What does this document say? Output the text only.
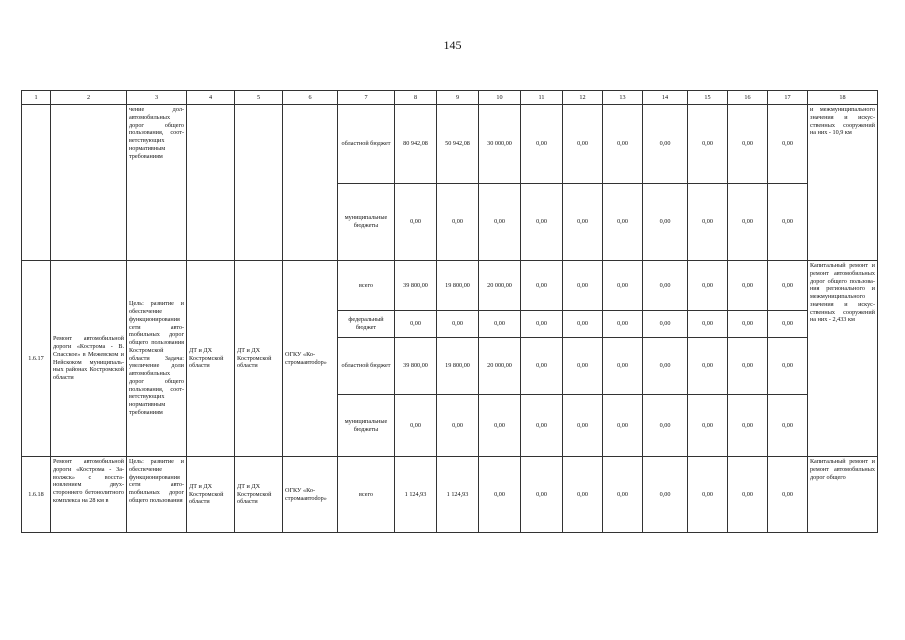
145
1	2	3	4	5	6	7	8	9	10	11	12	13	14	15	16	17	18
		чение долавтомобильных дорог общего пользования, соответствующих нормативным требованиям				областной бюджет	80 942,08	50 942,08	30 000,00	0,00	0,00	0,00	0,00	0,00	0,00	0,00	и межмуниципального значения и искусственных сооружений на них - 10,9 км
						муниципальные бюджеты	0,00	0,00	0,00	0,00	0,00	0,00	0,00	0,00	0,00	0,00	
1.6.17	Ремонт автомобильной дороги «Кострома - В. Спасское» в Межевском и Нейскоком муниципальных районах Костромской области	Цель: развитие и обеспечение функционирования сети автоmобильных дорог общего пользования Костромской области Задача: увеличение доли автомобильных дорог общего пользования, соответствующих нормативным требованиям	ДТ и ДХ Костромской области	ДТ и ДХ Костромской области	ОГКУ «Костромаавтоdор»	всего	39 800,00	19 800,00	20 000,00	0,00	0,00	0,00	0,00	0,00	0,00	0,00	Капитальный ремонт и ремонт автомобильных дорог общего пользования регионального и межмуниципального значения и искусственных сооружений на них - 2,433 км
						федеральный бюджет	0,00	0,00	0,00	0,00	0,00	0,00	0,00	0,00	0,00	0,00	
						областной бюджет	39 800,00	19 800,00	20 000,00	0,00	0,00	0,00	0,00	0,00	0,00	0,00	
						муниципальные бюджеты	0,00	0,00	0,00	0,00	0,00	0,00	0,00	0,00	0,00	0,00	
1.6.18	Ремонт автомобильной дороги «Кострома - Заволжск» с восстановлением двухстороннего бетонолитного комплекса на 28 км в	Цель: развитие и обеспечение функционирования сети автоmобильных дорог общего пользования	ДТ и ДХ Костромской области	ДТ и ДХ Костромской области	ОГКУ «Костромаавтоdор»	всего	1 124,93	1 124,93	0,00	0,00	0,00	0,00	0,00	0,00	0,00	0,00	Капитальный ремонт и ремонт автомобильных дорог общего
